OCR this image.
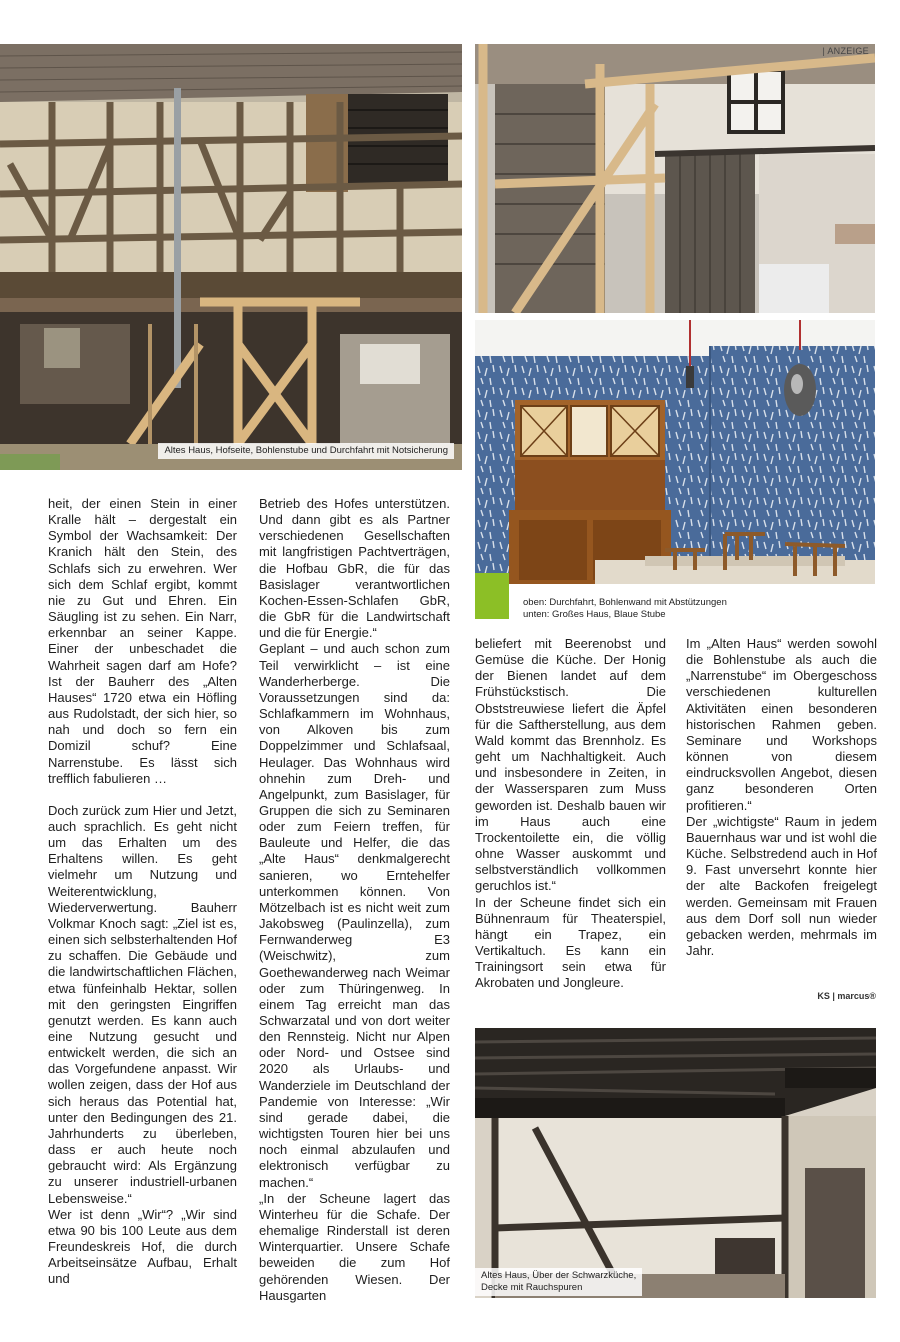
Altes Haus, Hofseite, Bohlenstube und Durchfahrt mit Notsicherung
| ANZEIGE
oben: Durchfahrt, Bohlenwand mit Abstützungen
unten: Großes Haus, Blaue Stube
Altes Haus, Über der Schwarzküche,
Decke mit Rauchspuren

heit, der einen Stein in einer Kralle hält – dergestalt ein Symbol der Wachsamkeit: Der Kranich hält den Stein, des Schlafs sich zu erwehren. Wer sich dem Schlaf ergibt, kommt nie zu Gut und Ehren. Ein Säugling ist zu sehen. Ein Narr, erkennbar an seiner Kappe. Einer der unbeschadet die Wahrheit sagen darf am Hofe? Ist der Bauherr des „Alten Hauses“ 1720 etwa ein Höfling aus Rudolstadt, der sich hier, so nah und doch so fern ein Domizil schuf? Eine Narrenstube. Es lässt sich trefflich fabulieren …

Doch zurück zum Hier und Jetzt, auch sprachlich. Es geht nicht um das Erhalten um des Erhaltens willen. Es geht vielmehr um Nutzung und Weiterentwicklung, Wiederverwertung. Bauherr Volkmar Knoch sagt: „Ziel ist es, einen sich selbsterhaltenden Hof zu schaffen. Die Gebäude und die landwirtschaftlichen Flächen, etwa fünfeinhalb Hektar, sollen mit den geringsten Eingriffen genutzt werden. Es kann auch eine Nutzung gesucht und entwickelt werden, die sich an das Vorgefundene anpasst. Wir wollen zeigen, dass der Hof aus sich heraus das Potential hat, unter den Bedingungen des 21. Jahrhunderts zu überleben, dass er auch heute noch gebraucht wird: Als Ergänzung zu unserer industriell-urbanen Lebensweise.“

Wer ist denn „Wir“? „Wir sind etwa 90 bis 100 Leute aus dem Freundeskreis Hof, die durch Arbeitseinsätze Aufbau, Erhalt und

Betrieb des Hofes unterstützen. Und dann gibt es als Partner verschiedenen Gesellschaften mit langfristigen Pachtverträgen, die Hofbau GbR, die für das Basislager verantwortlichen Kochen-Essen-Schlafen GbR, die GbR für die Landwirtschaft und die für Energie.“

Geplant – und auch schon zum Teil verwirklicht – ist eine Wanderherberge. Die Voraussetzungen sind da: Schlafkammern im Wohnhaus, von Alkoven bis zum Doppelzimmer und Schlafsaal, Heulager. Das Wohnhaus wird ohnehin zum Dreh- und Angelpunkt, zum Basislager, für Gruppen die sich zu Seminaren oder zum Feiern treffen, für Bauleute und Helfer, die das „Alte Haus“ denkmalgerecht sanieren, wo Erntehelfer unterkommen können. Von Mötzelbach ist es nicht weit zum Jakobsweg (Paulinzella), zum Fernwanderweg E3 (Weischwitz), zum Goethewanderweg nach Weimar oder zum Thüringenweg. In einem Tag erreicht man das Schwarzatal und von dort weiter den Rennsteig. Nicht nur Alpen oder Nord- und Ostsee sind 2020 als Urlaubs- und Wanderziele im Deutschland der Pandemie von Interesse: „Wir sind gerade dabei, die wichtigsten Touren hier bei uns noch einmal abzulaufen und elektronisch verfügbar zu machen.“

„In der Scheune lagert das Winterheu für die Schafe. Der ehemalige Rinderstall ist deren Winterquartier. Unsere Schafe beweiden die zum Hof gehörenden Wiesen. Der Hausgarten

beliefert mit Beerenobst und Gemüse die Küche. Der Honig der Bienen landet auf dem Frühstückstisch. Die Obststreuwiese liefert die Äpfel für die Saftherstellung, aus dem Wald kommt das Brennholz. Es geht um Nachhaltigkeit. Auch und insbesondere in Zeiten, in der Wassersparen zum Muss geworden ist. Deshalb bauen wir im Haus auch eine Trockentoilette ein, die völlig ohne Wasser auskommt und selbstverständlich vollkommen geruchlos ist.“

In der Scheune findet sich ein Bühnenraum für Theaterspiel, hängt ein Trapez, ein Vertikaltuch. Es kann ein Trainingsort sein etwa für Akrobaten und Jongleure.

Im „Alten Haus“ werden sowohl die Bohlenstube als auch die „Narrenstube“ im Obergeschoss verschiedenen kulturellen Aktivitäten einen besonderen historischen Rahmen geben. Seminare und Workshops können von diesem eindrucksvollen Angebot, diesen ganz besonderen Orten profitieren.“

Der „wichtigste“ Raum in jedem Bauernhaus war und ist wohl die Küche. Selbstredend auch in Hof 9. Fast unversehrt konnte hier der alte Backofen freigelegt werden. Gemeinsam mit Frauen aus dem Dorf soll nun wieder gebacken werden, mehrmals im Jahr.

KS | marcus®
